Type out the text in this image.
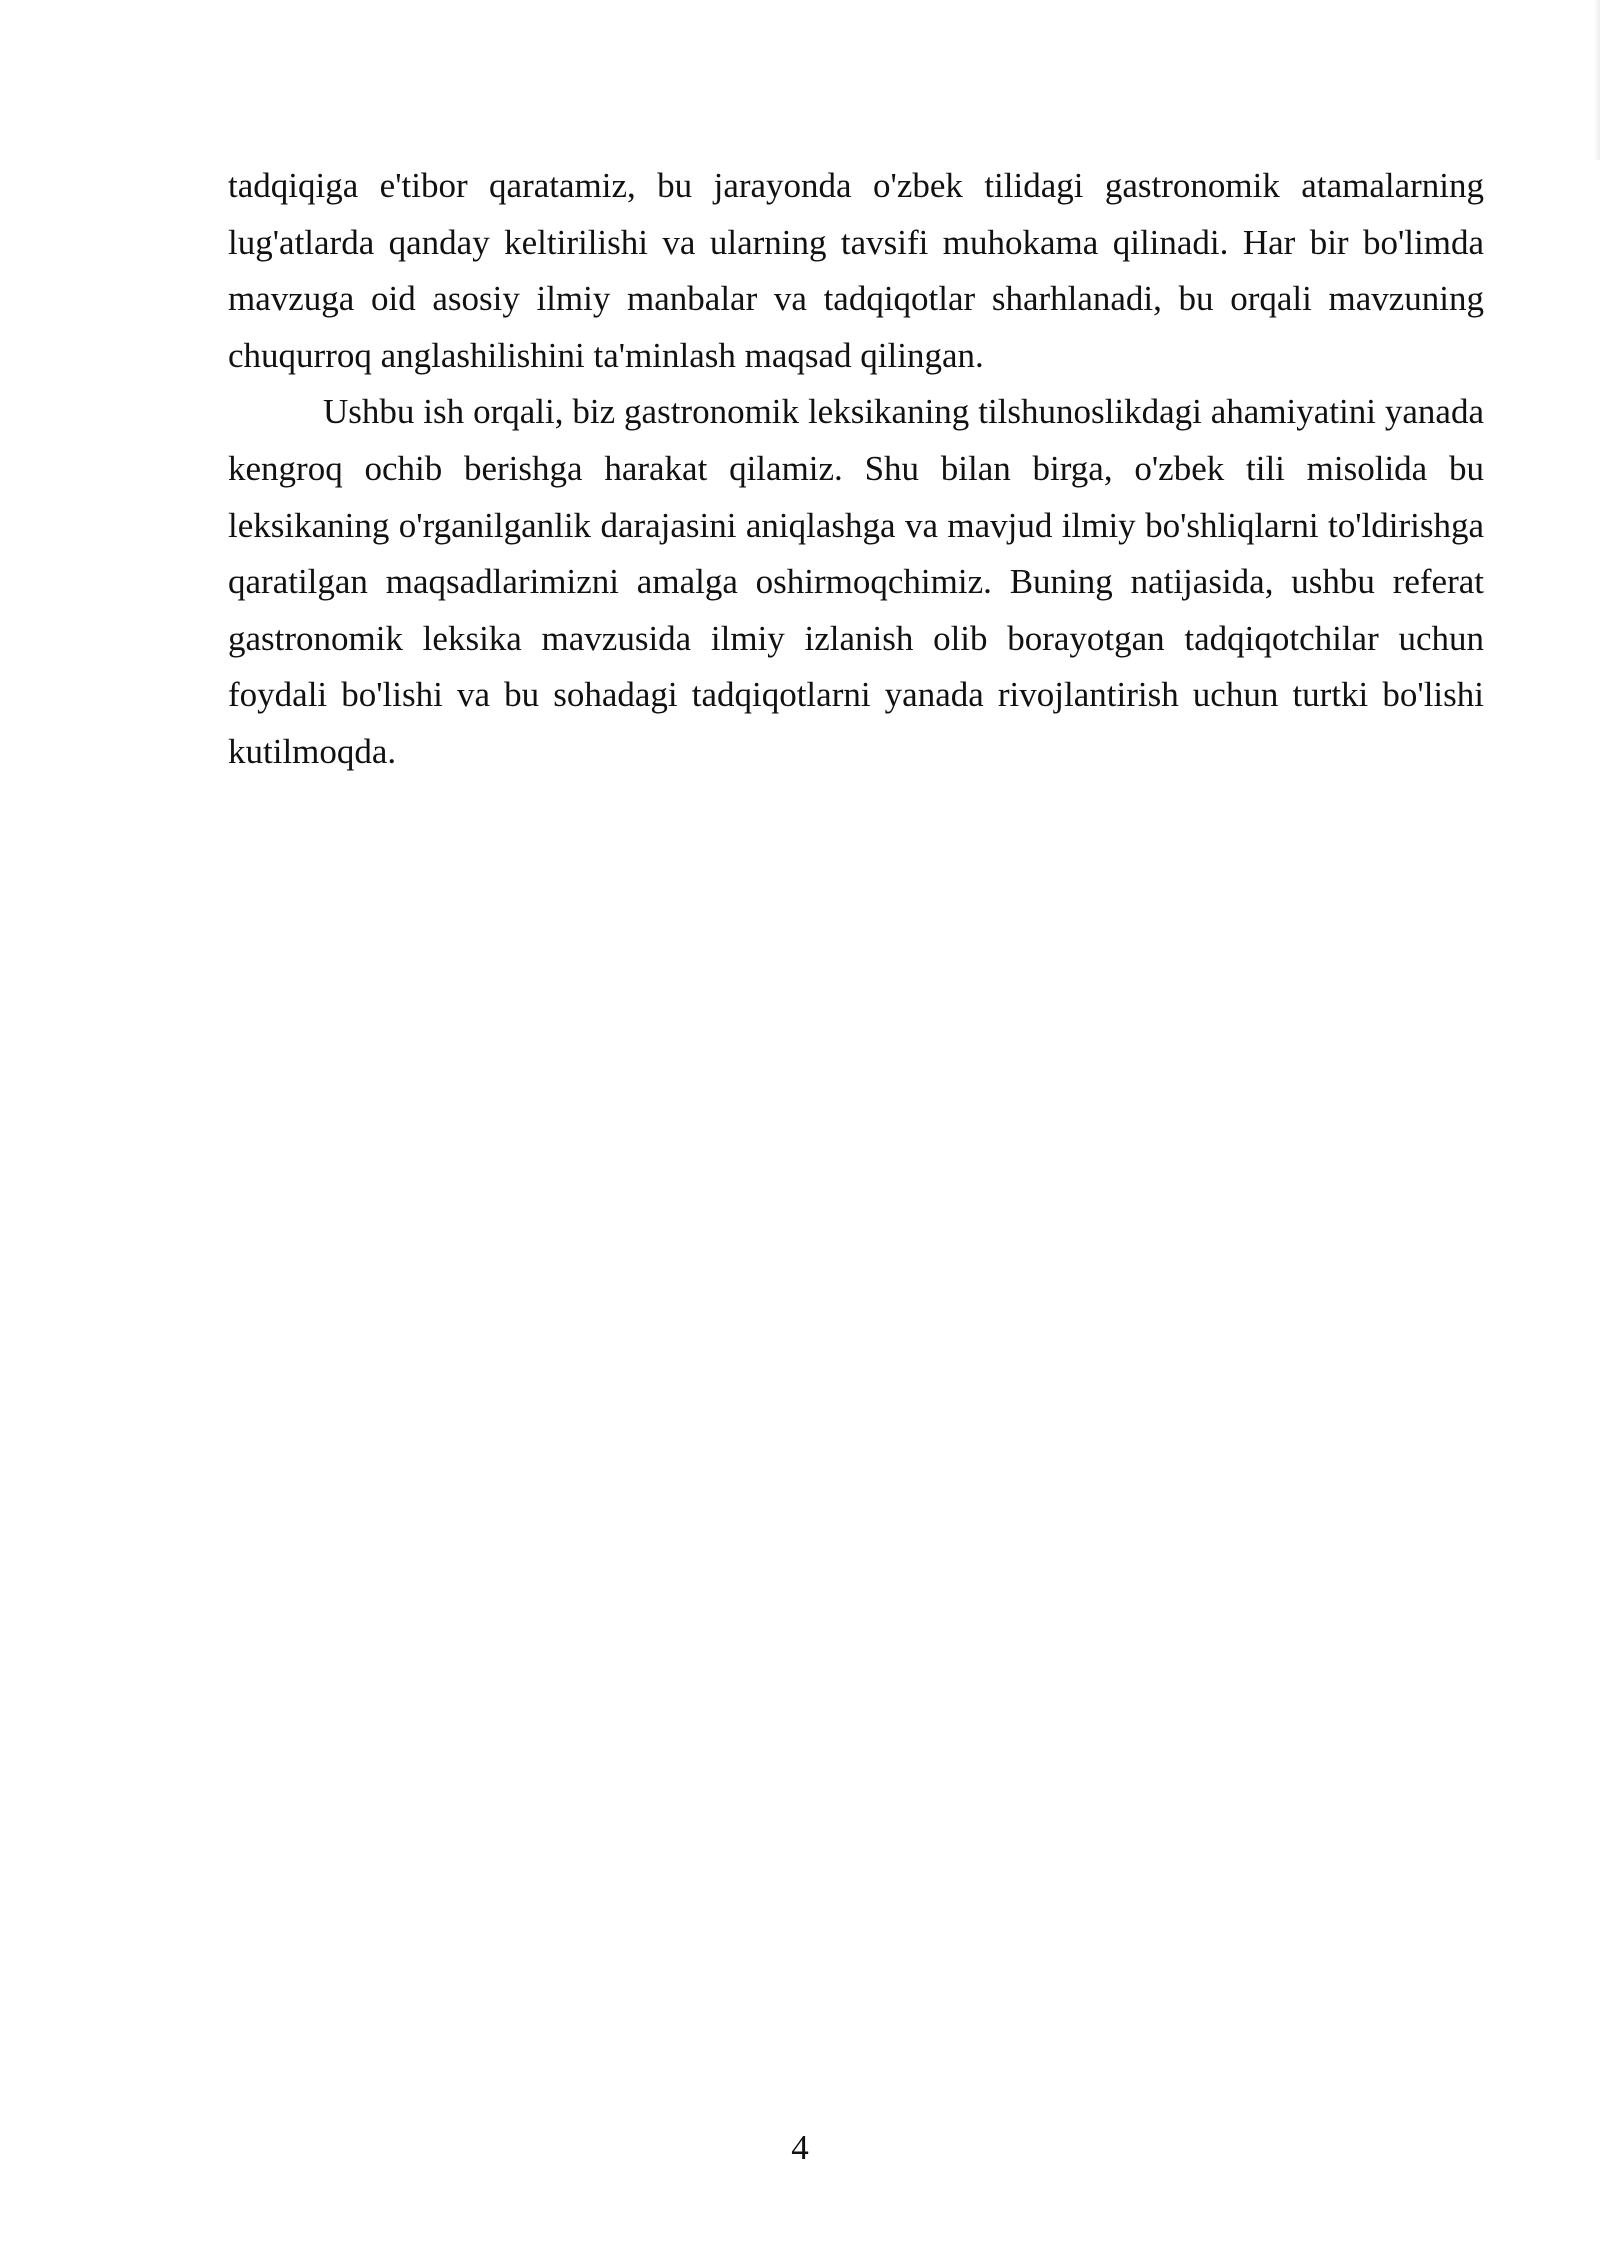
tadqiqiga e'tibor qaratamiz, bu jarayonda o'zbek tilidagi gastronomik atamalarning lug'atlarda qanday keltirilishi va ularning tavsifi muhokama qilinadi. Har bir bo'limda mavzuga oid asosiy ilmiy manbalar va tadqiqotlar sharhlanadi, bu orqali mavzuning chuqurroq anglashilishini ta'minlash maqsad qilingan.

Ushbu ish orqali, biz gastronomik leksikaning tilshunoslikdagi ahamiyatini yanada kengroq ochib berishga harakat qilamiz. Shu bilan birga, o'zbek tili misolida bu leksikaning o'rganilganlik darajasini aniqlashga va mavjud ilmiy bo'shliqlarni to'ldirishga qaratilgan maqsadlarimizni amalga oshirmoqchimiz. Buning natijasida, ushbu referat gastronomik leksika mavzusida ilmiy izlanish olib borayotgan tadqiqotchilar uchun foydali bo'lishi va bu sohadagi tadqiqotlarni yanada rivojlantirish uchun turtki bo'lishi kutilmoqda.

4
